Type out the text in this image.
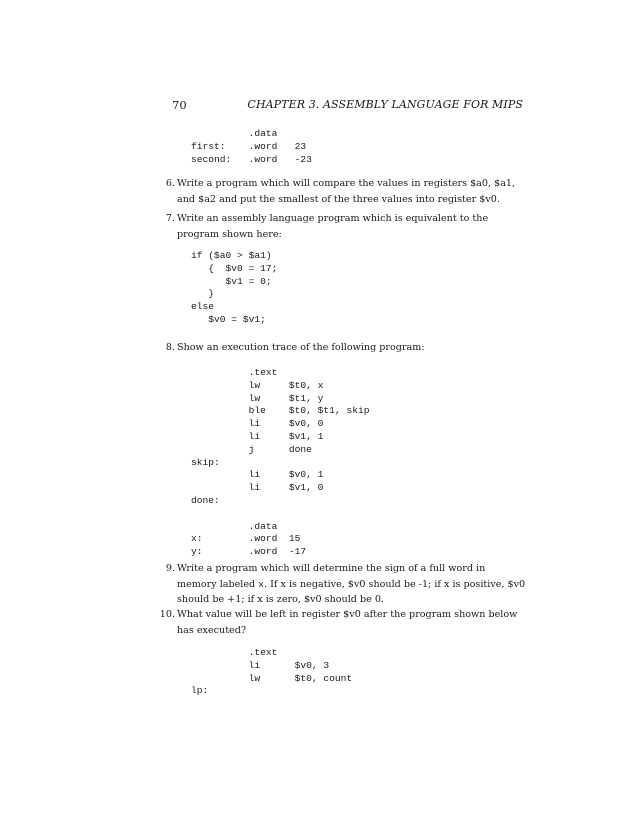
70	CHAPTER 3. ASSEMBLY LANGUAGE FOR MIPS
.data
first:    .word   23
second:   .word   -23
6. Write a program which will compare the values in registers $a0, $a1, and $a2 and put the smallest of the three values into register $v0.
7. Write an assembly language program which is equivalent to the program shown here:
if ($a0 > $a1)
{  $v0 = 17;
$v1 = 0;
}
else
$v0 = $v1;
8. Show an execution trace of the following program:
.text
lw     $t0, x
lw     $t1, y
ble    $t0, $t1, skip
li     $v0, 0
li     $v1, 1
j      done
skip:
li     $v0, 1
li     $v1, 0
done:

.data
x:        .word  15
y:        .word  -17
9. Write a program which will determine the sign of a full word in memory labeled x. If x is negative, $v0 should be -1; if x is positive, $v0 should be +1; if x is zero, $v0 should be 0.
10. What value will be left in register $v0 after the program shown below has executed?
.text
li      $v0, 3
lw      $t0, count
lp:
